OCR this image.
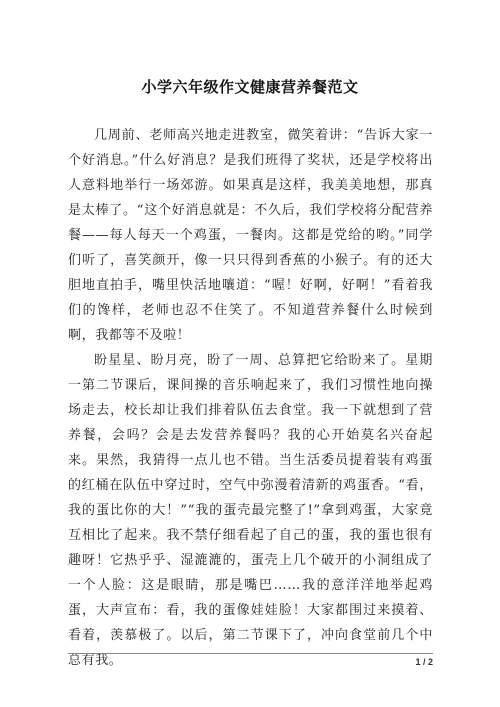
小学六年级作文健康营养餐范文

几周前、老师高兴地走进教室，微笑着讲：“告诉大家一个好消息。”什么好消息？是我们班得了奖状，还是学校将出人意料地举行一场郊游。如果真是这样，我美美地想，那真是太棒了。“这个好消息就是：不久后，我们学校将分配营养餐——每人每天一个鸡蛋，一餐肉。这都是党给的哟。”同学们听了，喜笑颜开，像一只只得到香蕉的小猴子。有的还大胆地直拍手，嘴里快活地嚷道：“喔！好啊，好啊！”看着我们的馋样，老师也忍不住笑了。不知道营养餐什么时候到啊，我都等不及啦！

盼星星、盼月亮，盼了一周、总算把它给盼来了。星期一第二节课后，课间操的音乐响起来了，我们习惯性地向操场走去，校长却让我们排着队伍去食堂。我一下就想到了营养餐，会吗？会是去发营养餐吗？我的心开始莫名兴奋起来。果然，我猜得一点儿也不错。当生活委员提着装有鸡蛋的红桶在队伍中穿过时，空气中弥漫着清新的鸡蛋香。“看，我的蛋比你的大！”“我的蛋壳最完整了!”拿到鸡蛋，大家竟互相比了起来。我不禁仔细看起了自己的蛋，我的蛋也很有趣呀！它热乎乎、湿漉漉的，蛋壳上几个破开的小洞组成了一个人脸：这是眼睛，那是嘴巴……我的意洋洋地举起鸡蛋，大声宣布：看，我的蛋像娃娃脸！大家都围过来摸着、看着，羡慕极了。以后，第二节课下了，冲向食堂前几个中总有我。	1 / 2
